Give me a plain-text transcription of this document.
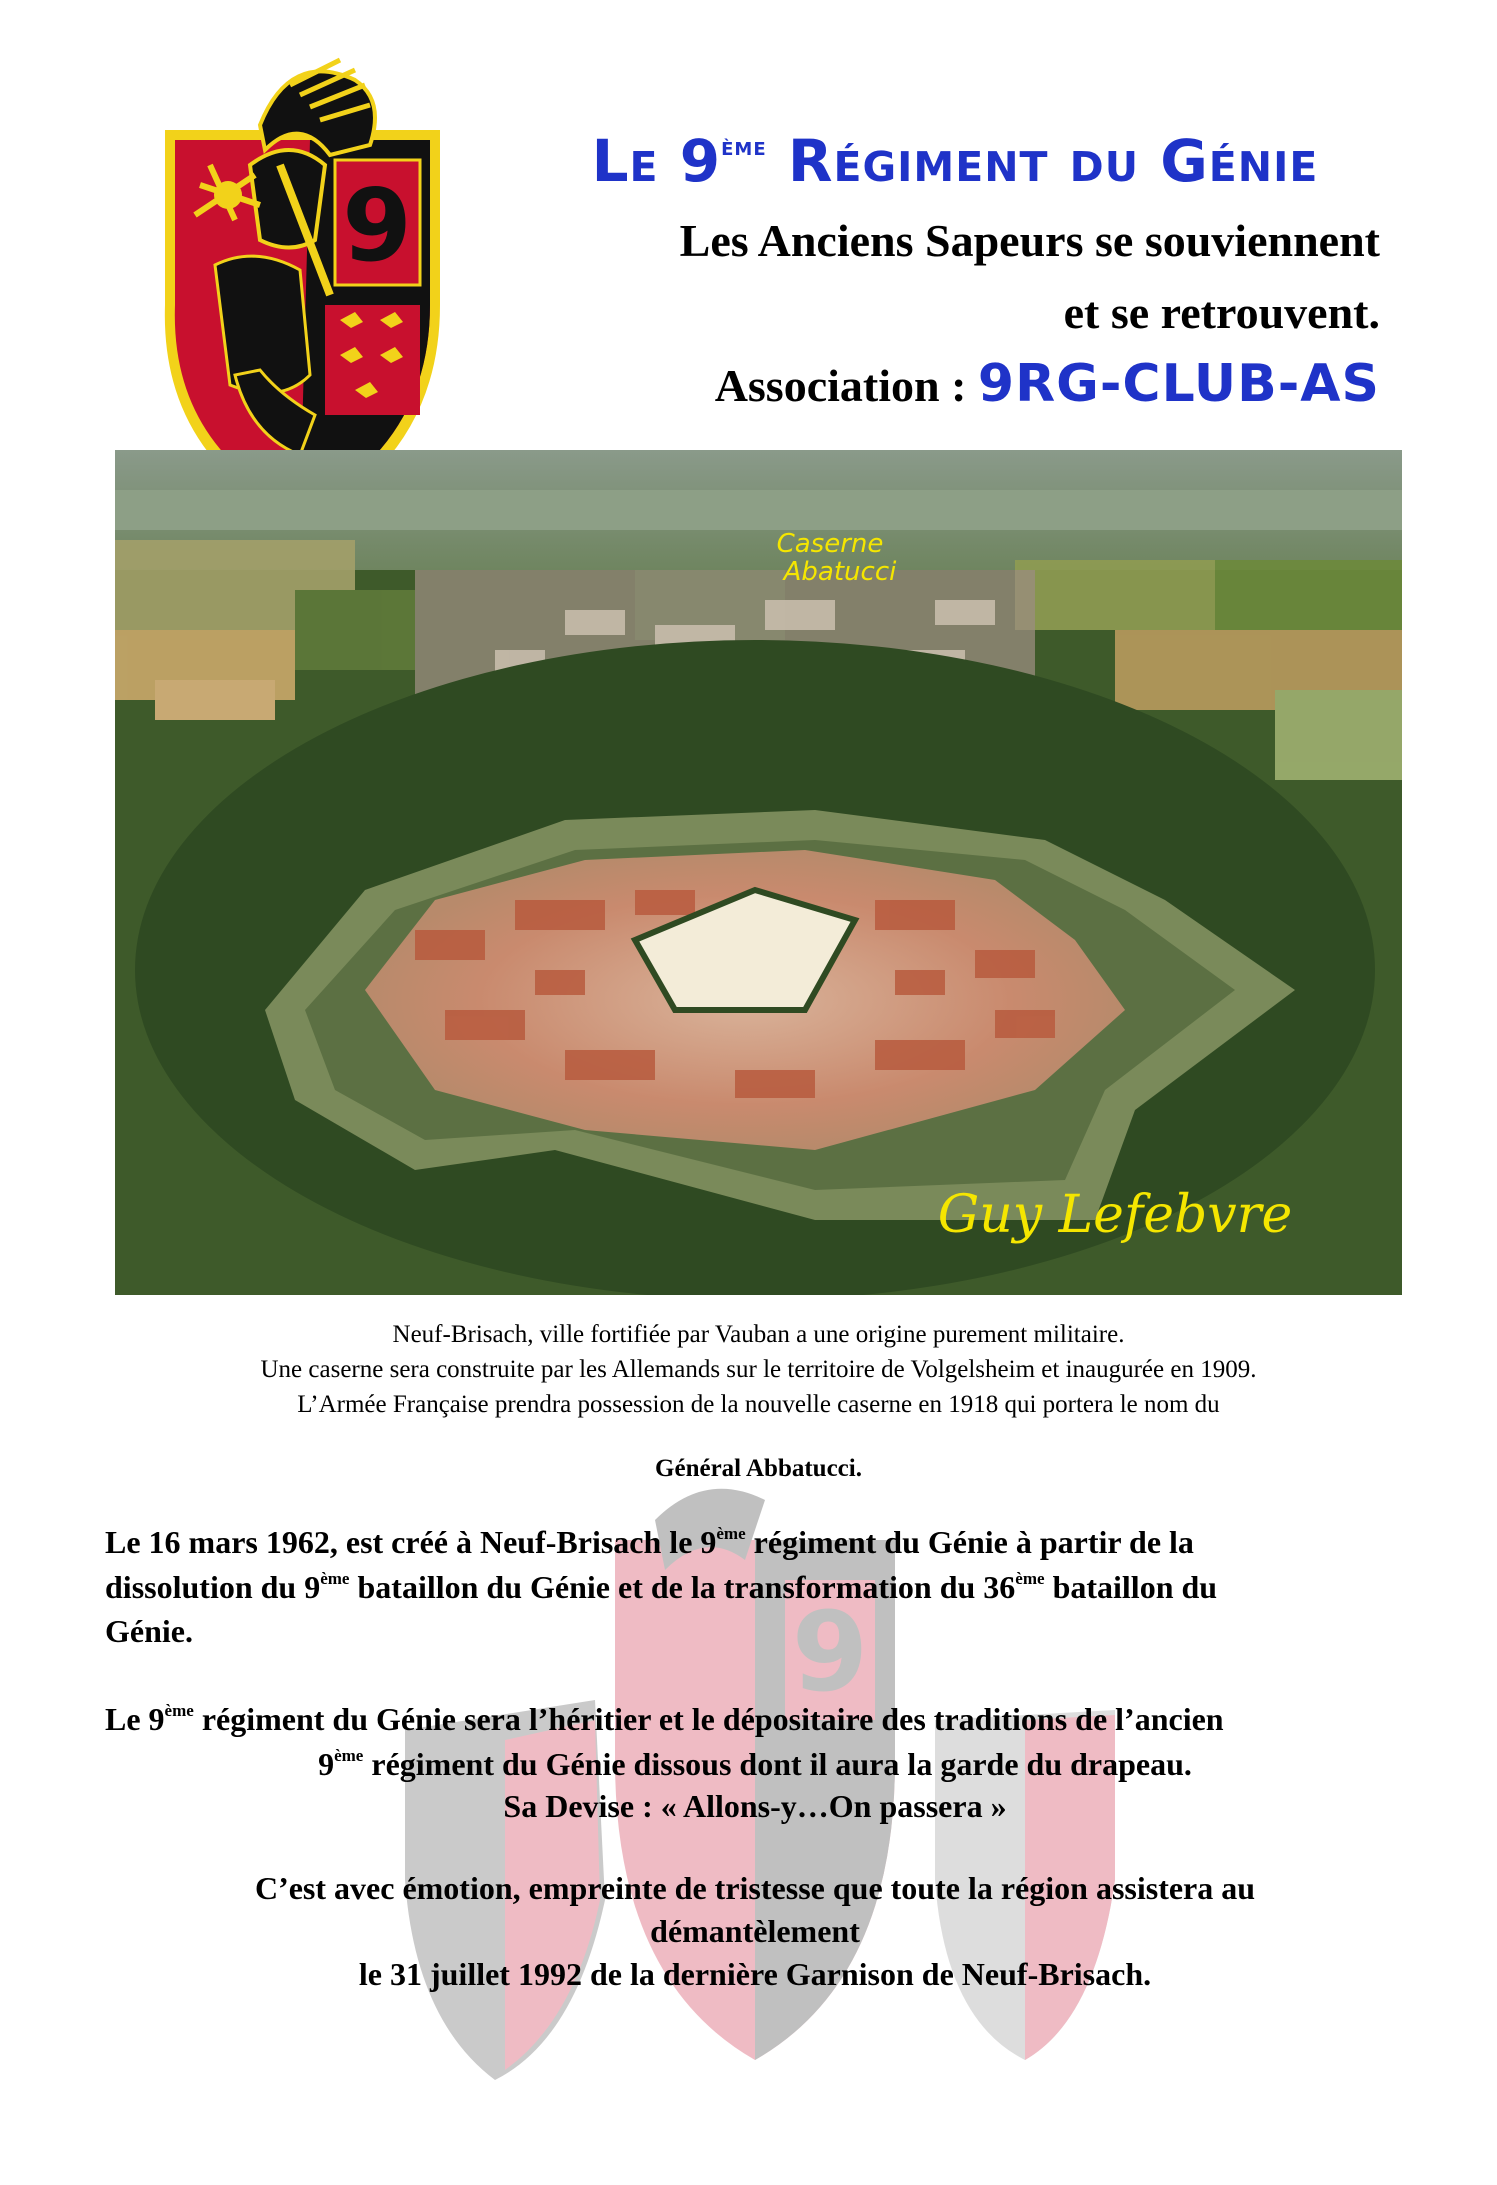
9
Le 9ème Régiment du Génie
Les Anciens Sapeurs se souviennent
et se retrouvent.
Association : 9RG-CLUB-AS
Caserne
Abatucci
Guy Lefebvre
Neuf-Brisach, ville fortifiée par Vauban a une origine purement militaire.
Une caserne sera construite par les Allemands sur le territoire de Volgelsheim et inaugurée en 1909.
L’Armée Française prendra possession de la nouvelle caserne en 1918 qui portera le nom du
Général Abbatucci.
9
Le 16 mars 1962, est créé à Neuf-Brisach le 9ème régiment du Génie à partir de la
dissolution du 9ème bataillon du Génie et de la transformation du 36ème bataillon du
Génie.
Le 9ème régiment du Génie sera l’héritier et le dépositaire des traditions de l’ancien
9ème régiment du Génie dissous dont il aura la garde du drapeau.
Sa Devise : « Allons-y…On passera »
C’est avec émotion, empreinte de tristesse que toute la région assistera au
démantèlement
le 31 juillet 1992 de la dernière Garnison de Neuf-Brisach.
